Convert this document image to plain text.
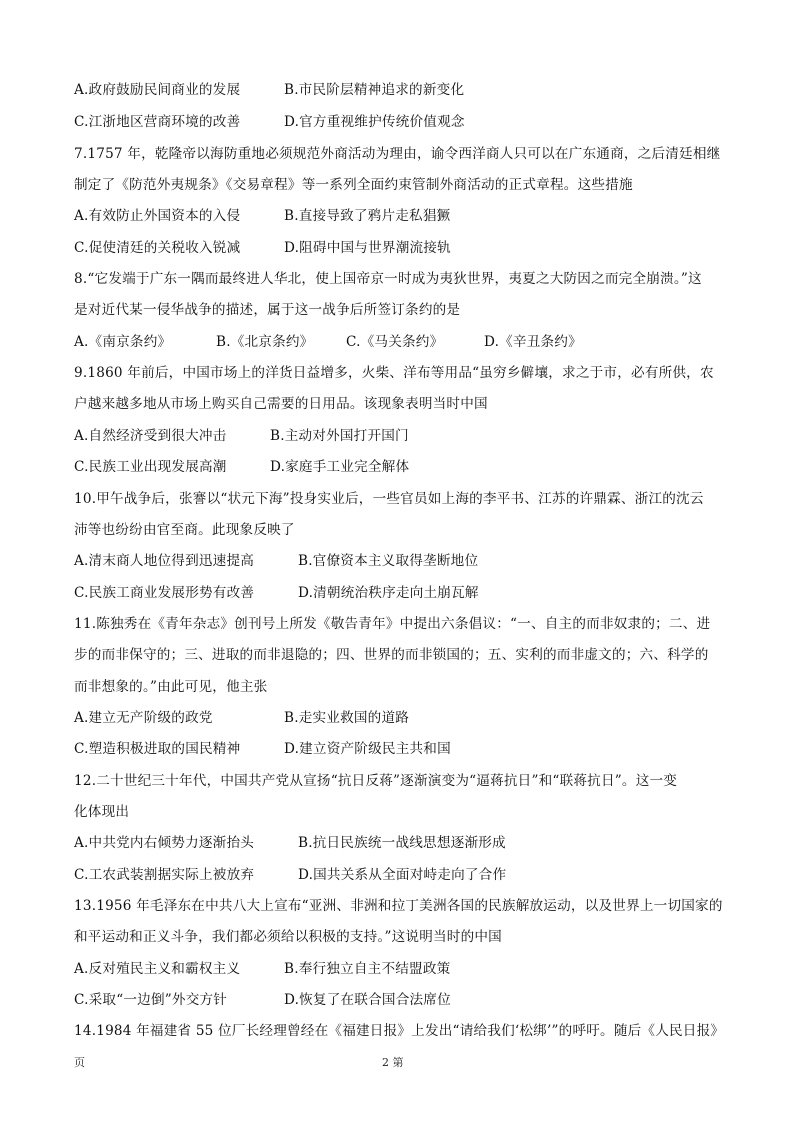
A.政府鼓励民间商业的发展	B.市民阶层精神追求的新变化
C.江浙地区营商环境的改善	D.官方重视维护传统价值观念
7.1757 年，乾隆帝以海防重地必须规范外商活动为理由，谕令西洋商人只可以在广东通商，之后清廷相继
制定了《防范外夷规条》《交易章程》等一系列全面约束管制外商活动的正式章程。这些措施
A.有效防止外国资本的入侵	B.直接导致了鸦片走私猖獗
C.促使清廷的关税收入锐减	D.阻碍中国与世界潮流接轨
8.“它发端于广东一隅而最终进人华北，使上国帝京一时成为夷狄世界，夷夏之大防因之而完全崩溃。”这
是对近代某一侵华战争的描述，属于这一战争后所签订条约的是
A.《南京条约》	B.《北京条约》 C.《马关条约》	D.《辛丑条约》
9.1860 年前后，中国市场上的洋货日益增多，火柴、洋布等用品“虽穷乡僻壤，求之于市，必有所供，农
户越来越多地从市场上购买自己需要的日用品。该现象表明当时中国
A.自然经济受到很大冲击	B.主动对外国打开国门
C.民族工业出现发展高潮	D.家庭手工业完全解体
10.甲午战争后，张謇以“状元下海”投身实业后，一些官员如上海的李平书、江苏的许鼎霖、浙江的沈云
沛等也纷纷由官至商。此现象反映了
A.清末商人地位得到迅速提高	B.官僚资本主义取得垄断地位
C.民族工商业发展形势有改善	D.清朝统治秩序走向土崩瓦解
11.陈独秀在《青年杂志》创刊号上所发《敬告青年》中提出六条倡议：“一、自主的而非奴隶的；二、进
步的而非保守的；三、进取的而非退隐的；四、世界的而非锁国的；五、实利的而非虚文的；六、科学的
而非想象的。”由此可见，他主张
A.建立无产阶级的政党	B.走实业救国的道路
C.塑造积极进取的国民精神	D.建立资产阶级民主共和国
12.二十世纪三十年代，中国共产党从宣扬“抗日反蒋”逐渐演变为“逼蒋抗日”和“联蒋抗日”。这一变
化体现出
A.中共党内右倾势力逐渐抬头	B.抗日民族统一战线思想逐渐形成
C.工农武装割据实际上被放弃	D.国共关系从全面对峙走向了合作
13.1956 年毛泽东在中共八大上宣布“亚洲、非洲和拉丁美洲各国的民族解放运动，以及世界上一切国家的
和平运动和正义斗争，我们都必须给以积极的支持。”这说明当时的中国
A.反对殖民主义和霸权主义	B.奉行独立自主不结盟政策
C.采取“一边倒”外交方针	D.恢复了在联合国合法席位
14.1984 年福建省 55 位厂长经理曾经在《福建日报》上发出“请给我们‘松绑’”的呼吁。随后《人民日报》
页	2 第
